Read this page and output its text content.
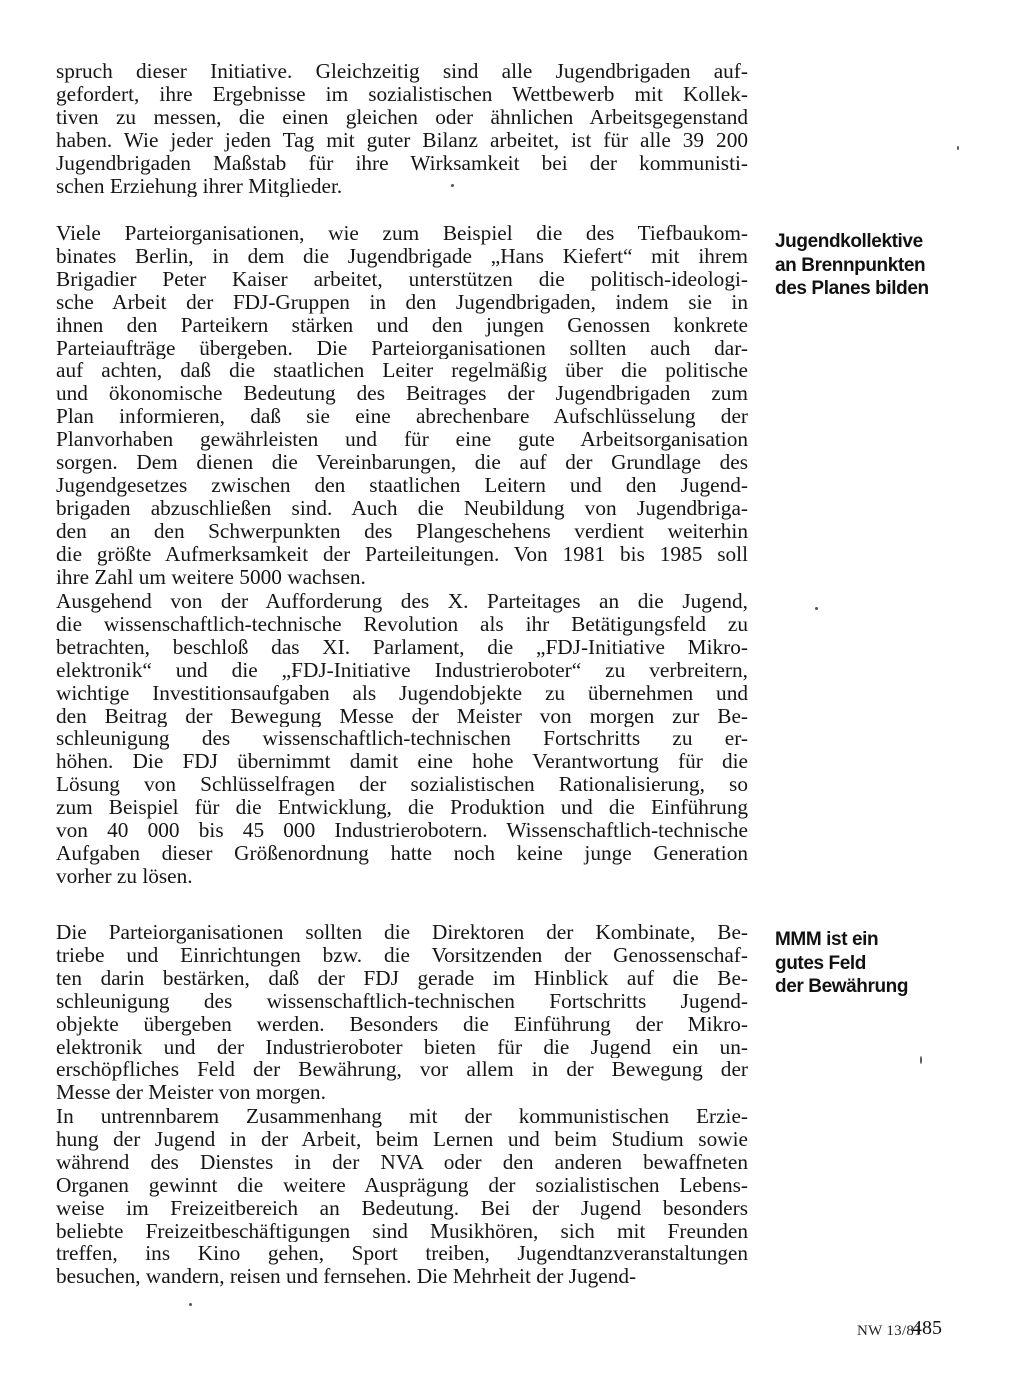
spruch dieser Initiative. Gleichzeitig sind alle Jugendbrigaden auf-
gefordert, ihre Ergebnisse im sozialistischen Wettbewerb mit Kollek-
tiven zu messen, die einen gleichen oder ähnlichen Arbeitsgegenstand
haben. Wie jeder jeden Tag mit guter Bilanz arbeitet, ist für alle 39 200
Jugendbrigaden Maßstab für ihre Wirksamkeit bei der kommunisti-
schen Erziehung ihrer Mitglieder.
Viele Parteiorganisationen, wie zum Beispiel die des Tiefbaukom-
binates Berlin, in dem die Jugendbrigade „Hans Kiefert“ mit ihrem
Brigadier Peter Kaiser arbeitet, unterstützen die politisch-ideologi-
sche Arbeit der FDJ-Gruppen in den Jugendbrigaden, indem sie in
ihnen den Parteikern stärken und den jungen Genossen konkrete
Parteiaufträge übergeben. Die Parteiorganisationen sollten auch dar-
auf achten, daß die staatlichen Leiter regelmäßig über die politische
und ökonomische Bedeutung des Beitrages der Jugendbrigaden zum
Plan informieren, daß sie eine abrechenbare Aufschlüsselung der
Planvorhaben gewährleisten und für eine gute Arbeitsorganisation
sorgen. Dem dienen die Vereinbarungen, die auf der Grundlage des
Jugendgesetzes zwischen den staatlichen Leitern und den Jugend-
brigaden abzuschließen sind. Auch die Neubildung von Jugendbriga-
den an den Schwerpunkten des Plangeschehens verdient weiterhin
die größte Aufmerksamkeit der Parteileitungen. Von 1981 bis 1985 soll
ihre Zahl um weitere 5000 wachsen.
Ausgehend von der Aufforderung des X. Parteitages an die Jugend,
die wissenschaftlich-technische Revolution als ihr Betätigungsfeld zu
betrachten, beschloß das XI. Parlament, die „FDJ-Initiative Mikro-
elektronik“ und die „FDJ-Initiative Industrieroboter“ zu verbreitern,
wichtige Investitionsaufgaben als Jugendobjekte zu übernehmen und
den Beitrag der Bewegung Messe der Meister von morgen zur Be-
schleunigung des wissenschaftlich-technischen Fortschritts zu er-
höhen. Die FDJ übernimmt damit eine hohe Verantwortung für die
Lösung von Schlüsselfragen der sozialistischen Rationalisierung, so
zum Beispiel für die Entwicklung, die Produktion und die Einführung
von 40 000 bis 45 000 Industrierobotern. Wissenschaftlich-technische
Aufgaben dieser Größenordnung hatte noch keine junge Generation
vorher zu lösen.
Die Parteiorganisationen sollten die Direktoren der Kombinate, Be-
triebe und Einrichtungen bzw. die Vorsitzenden der Genossenschaf-
ten darin bestärken, daß der FDJ gerade im Hinblick auf die Be-
schleunigung des wissenschaftlich-technischen Fortschritts Jugend-
objekte übergeben werden. Besonders die Einführung der Mikro-
elektronik und der Industrieroboter bieten für die Jugend ein un-
erschöpfliches Feld der Bewährung, vor allem in der Bewegung der
Messe der Meister von morgen.
In untrennbarem Zusammenhang mit der kommunistischen Erzie-
hung der Jugend in der Arbeit, beim Lernen und beim Studium sowie
während des Dienstes in der NVA oder den anderen bewaffneten
Organen gewinnt die weitere Ausprägung der sozialistischen Lebens-
weise im Freizeitbereich an Bedeutung. Bei der Jugend besonders
beliebte Freizeitbeschäftigungen sind Musikhören, sich mit Freunden
treffen, ins Kino gehen, Sport treiben, Jugendtanzveranstaltungen
besuchen, wandern, reisen und fernsehen. Die Mehrheit der Jugend-
Jugendkollektive
an Brennpunkten
des Planes bilden
MMM ist ein
gutes Feld
der Bewährung
NW 13/81
485
